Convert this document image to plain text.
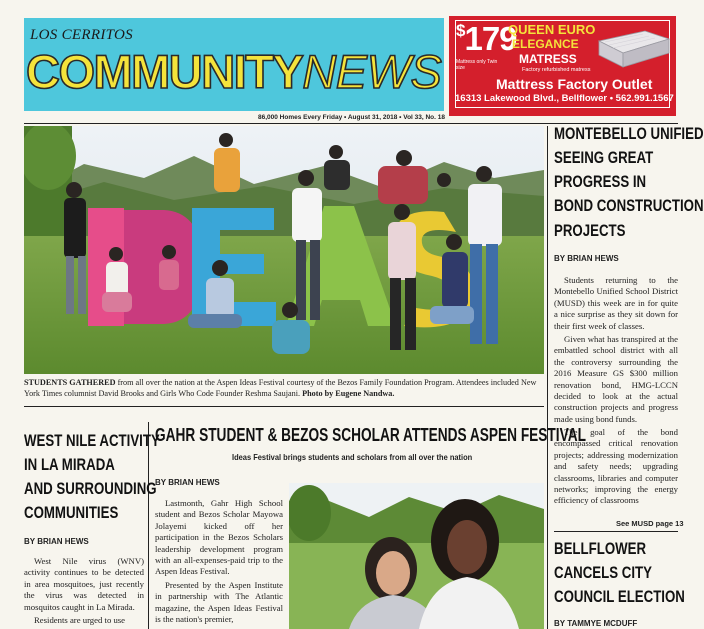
LOS CERRITOS
COMMUNITYNEWS
$179
Mattress only Twin size
QUEEN EURO
ELEGANCE
MATRESS
Factory refurbished matress
Mattress Factory Outlet
16313 Lakewood Blvd., Bellflower • 562.991.1567
86,000 Homes Every Friday • August 31, 2018 • Vol 33, No. 18
STUDENTS GATHERED from all over the nation at the Aspen Ideas Festival courtesy of the Bezos Family Foundation Program. Attendees included New York Times columnist David Brooks and Girls Who Code Founder Reshma Saujani. Photo by Eugene Nandwa.
MONTEBELLO UNIFIED
SEEING GREAT
PROGRESS IN
BOND CONSTRUCTION
PROJECTS
BY BRIAN HEWS

Students returning to the Montebello Unified School District (MUSD) this week are in for quite a nice surprise as they sit down for their first week of classes.

Given what has transpired at the embattled school district with all the controversy surrounding the 2016 Measure GS $300 million renovation bond, HMG-LCCN decided to look at the actual construction projects and progress made using bond funds.

The goal of the bond encompassed critical renovation projects; addressing modernization and safety needs; upgrading classrooms, libraries and computer networks; improving the energy efficiency of classrooms

See MUSD page 13
BELLFLOWER
CANCELS CITY
COUNCIL ELECTION
BY TAMMYE MCDUFF
WEST NILE ACTIVITY
IN LA MIRADA
AND SURROUNDING
COMMUNITIES
BY BRIAN HEWS

West Nile virus (WNV) activity continues to be detected in area mosquitoes, just recently the virus was detected in mosquitos caught in La Mirada.

Residents are urged to use

GAHR STUDENT & BEZOS SCHOLAR ATTENDS ASPEN FESTIVAL
Ideas Festival brings students and scholars from all over the nation
BY BRIAN HEWS

Lastmonth, Gahr High School student and Bezos Scholar Mayowa Jolayemi kicked off her participation in the Bezos Scholars leadership development program with an all-expenses-paid trip to the Aspen Ideas Festival.

Presented by the Aspen Institute in partnership with The Atlantic magazine, the Aspen Ideas Festival is the nation's premier,
